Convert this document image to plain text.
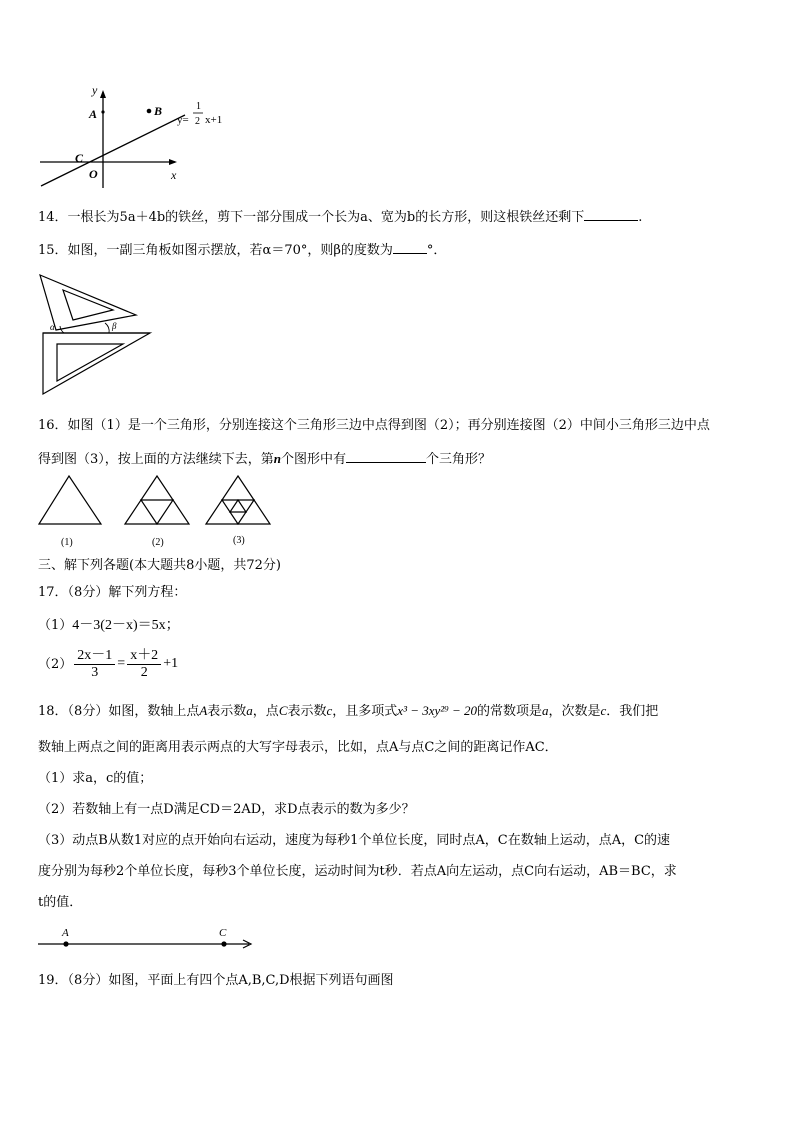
y
x
O
A	B
C
y=
1
2 x+1
14．一根长为5a＋4b的铁丝，剪下一部分围成一个长为a、宽为b的长方形，则这根铁丝还剩下	.
15．如图，一副三角板如图示摆放，若α＝70°，则β的度数为	°．
α	β
16．如图（1）是一个三角形，分别连接这个三角形三边中点得到图（2）；再分别连接图（2）中间小三角形三边中点
得到图（3），按上面的方法继续下去，第n个图形中有	个三角形？
(1)	(2)	(3)
三、解下列各题(本大题共8小题，共72分)
17．（8分）解下列方程：
（1）4－3(2－x)＝5x；
$(2) \frac{2x-1}{3} = \frac{x+2}{2} +1$
18．（8分）如图，数轴上点A表示数a，点C表示数c，且多项式x³ − 3xy²⁹ − 20的常数项是a，次数是c．我们把
数轴上两点之间的距离用表示两点的大写字母表示，比如，点A与点C之间的距离记作AC．
（1）求a，c的值；
（2）若数轴上有一点D满足CD＝2AD，求D点表示的数为多少？
（3）动点B从数1对应的点开始向右运动，速度为每秒1个单位长度，同时点A，C在数轴上运动，点A，C的速
度分别为每秒2个单位长度，每秒3个单位长度，运动时间为t秒．若点A向左运动，点C向右运动，AB＝BC，求
t的值．
A	C
19．（8分）如图，平面上有四个点A,B,C,D根据下列语句画图
